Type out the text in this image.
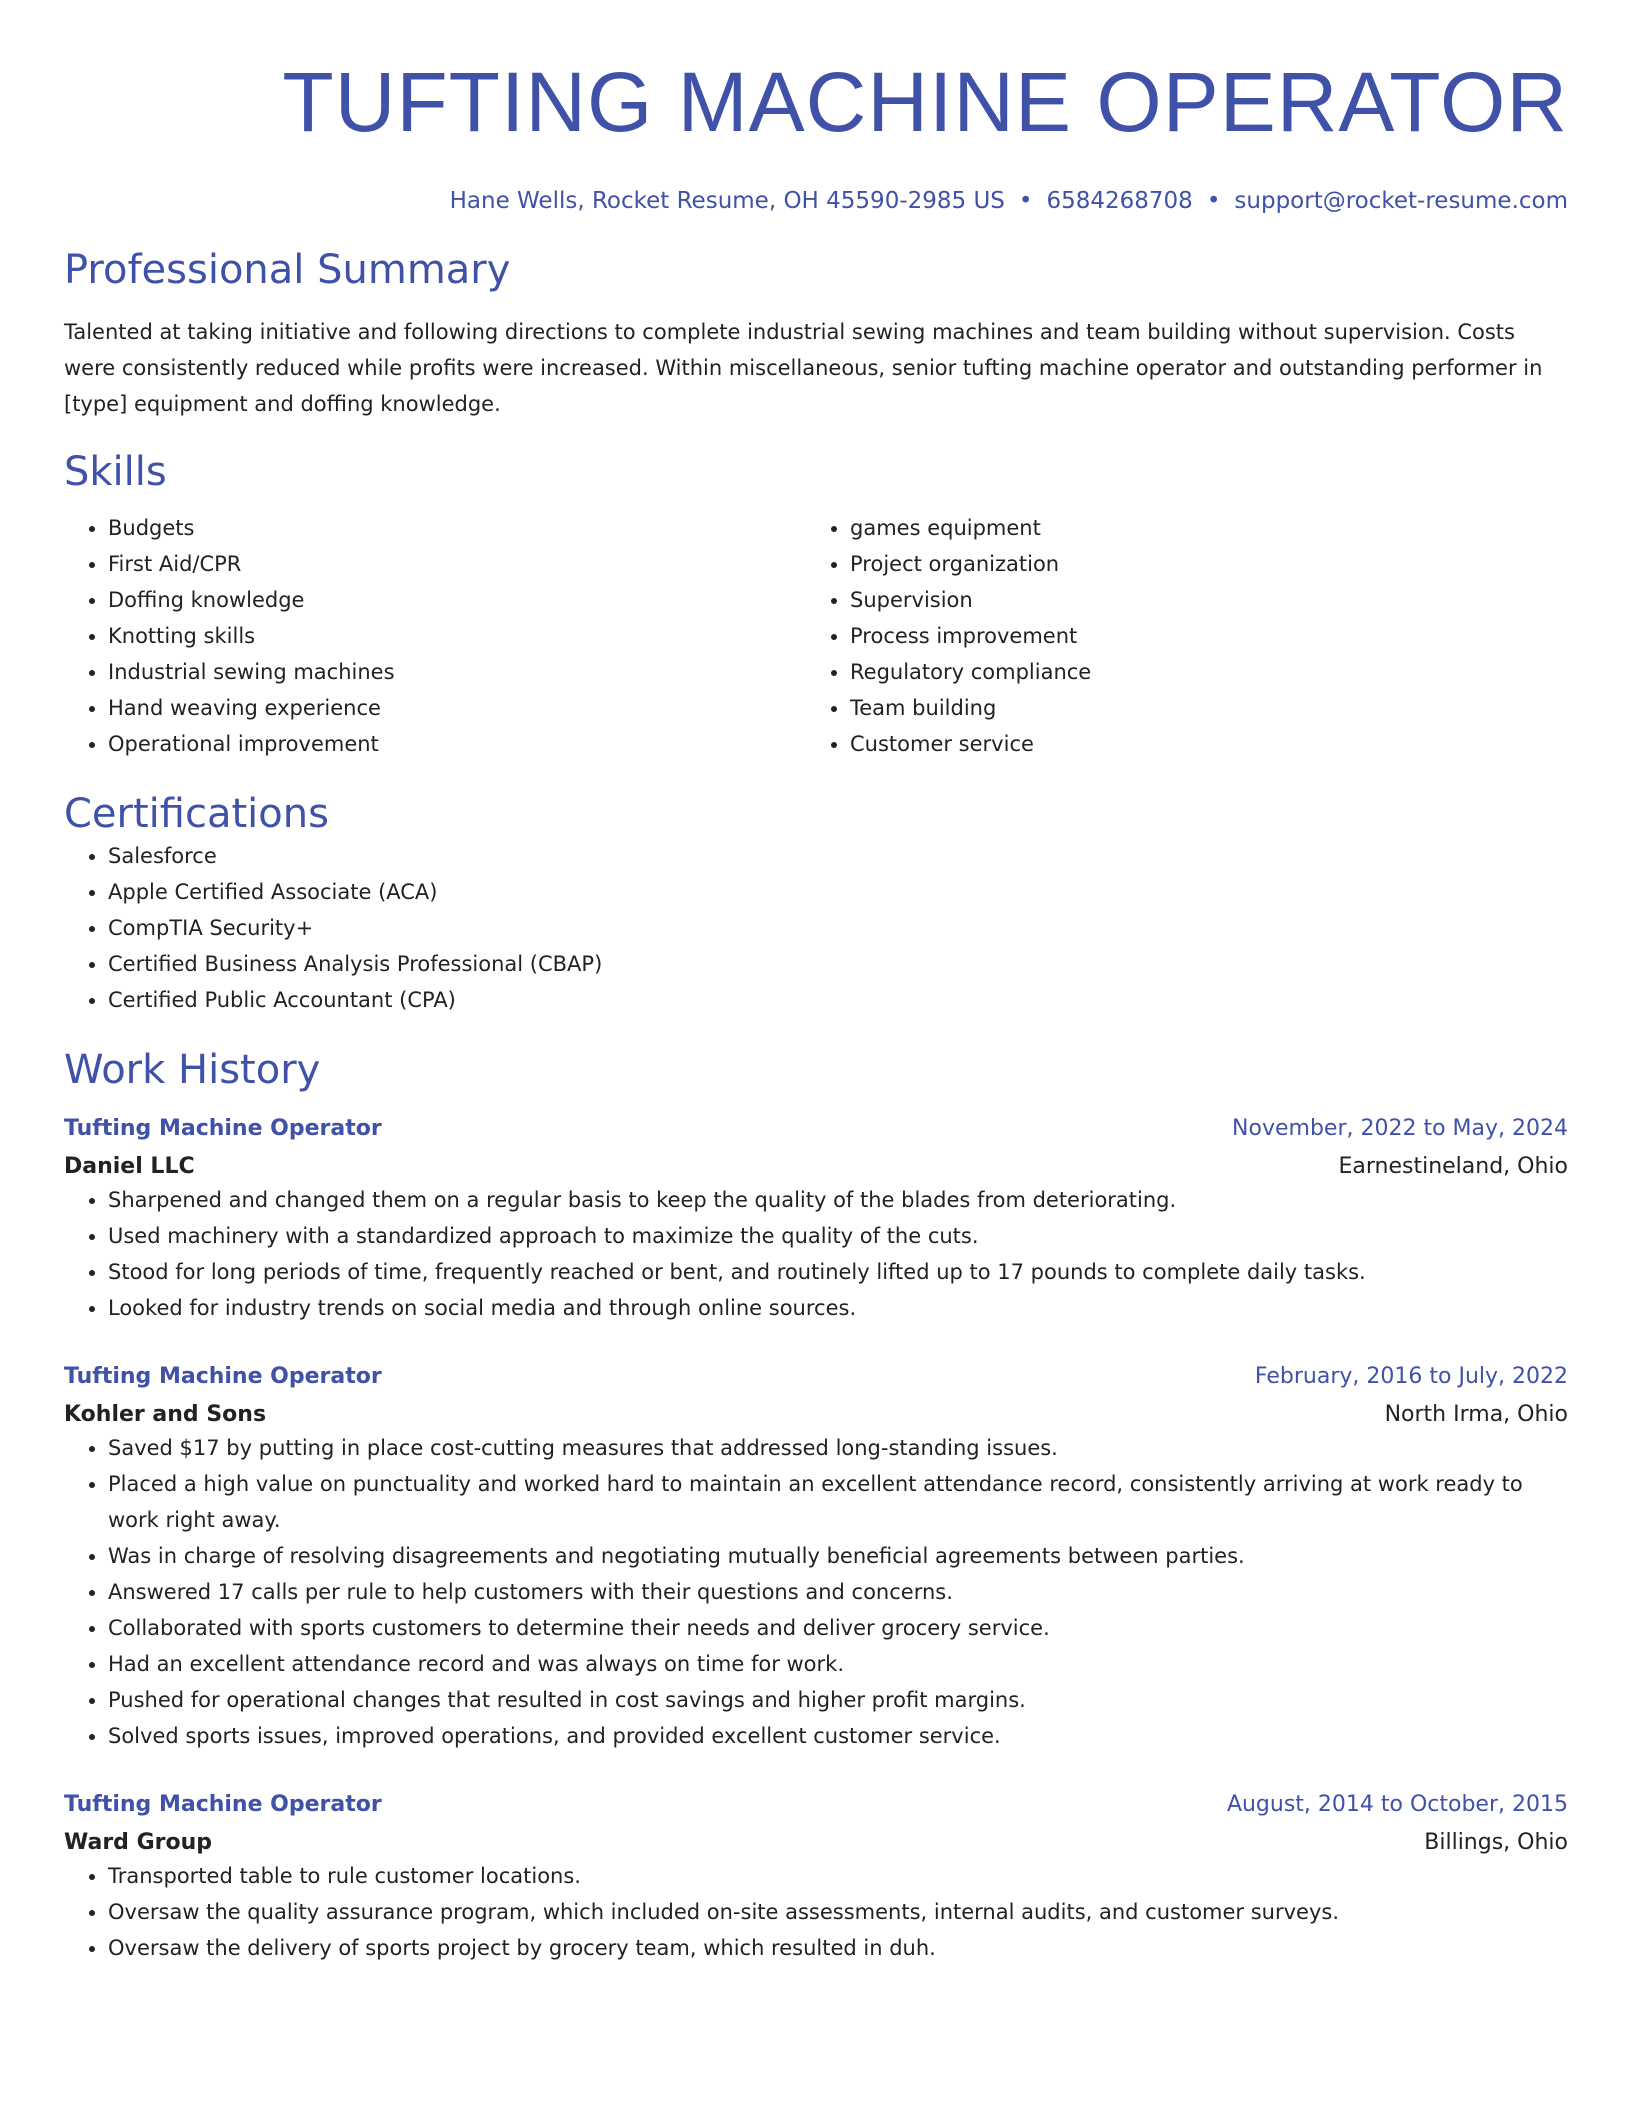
TUFTING MACHINE OPERATOR
Hane Wells, Rocket Resume, OH 45590-2985 US • 6584268708 • support@rocket-resume.com
Professional Summary

Talented at taking initiative and following directions to complete industrial sewing machines and team building without supervision. Costs were consistently reduced while profits were increased. Within miscellaneous, senior tufting machine operator and outstanding performer in [type] equipment and doffing knowledge.

Skills
• Budgets
• First Aid/CPR
• Doffing knowledge
• Knotting skills
• Industrial sewing machines
• Hand weaving experience
• Operational improvement
• games equipment
• Project organization
• Supervision
• Process improvement
• Regulatory compliance
• Team building
• Customer service
Certifications
• Salesforce
• Apple Certified Associate (ACA)
• CompTIA Security+
• Certified Business Analysis Professional (CBAP)
• Certified Public Accountant (CPA)
Work History
Tufting Machine Operator	November, 2022 to May, 2024
Daniel LLC	Earnestineland, Ohio
• Sharpened and changed them on a regular basis to keep the quality of the blades from deteriorating.
• Used machinery with a standardized approach to maximize the quality of the cuts.
• Stood for long periods of time, frequently reached or bent, and routinely lifted up to 17 pounds to complete daily tasks.
• Looked for industry trends on social media and through online sources.
Tufting Machine Operator	February, 2016 to July, 2022
Kohler and Sons	North Irma, Ohio
• Saved $17 by putting in place cost-cutting measures that addressed long-standing issues.
• Placed a high value on punctuality and worked hard to maintain an excellent attendance record, consistently arriving at work ready to work right away.
• Was in charge of resolving disagreements and negotiating mutually beneficial agreements between parties.
• Answered 17 calls per rule to help customers with their questions and concerns.
• Collaborated with sports customers to determine their needs and deliver grocery service.
• Had an excellent attendance record and was always on time for work.
• Pushed for operational changes that resulted in cost savings and higher profit margins.
• Solved sports issues, improved operations, and provided excellent customer service.
Tufting Machine Operator	August, 2014 to October, 2015
Ward Group	Billings, Ohio
• Transported table to rule customer locations.
• Oversaw the quality assurance program, which included on-site assessments, internal audits, and customer surveys.
• Oversaw the delivery of sports project by grocery team, which resulted in duh.
